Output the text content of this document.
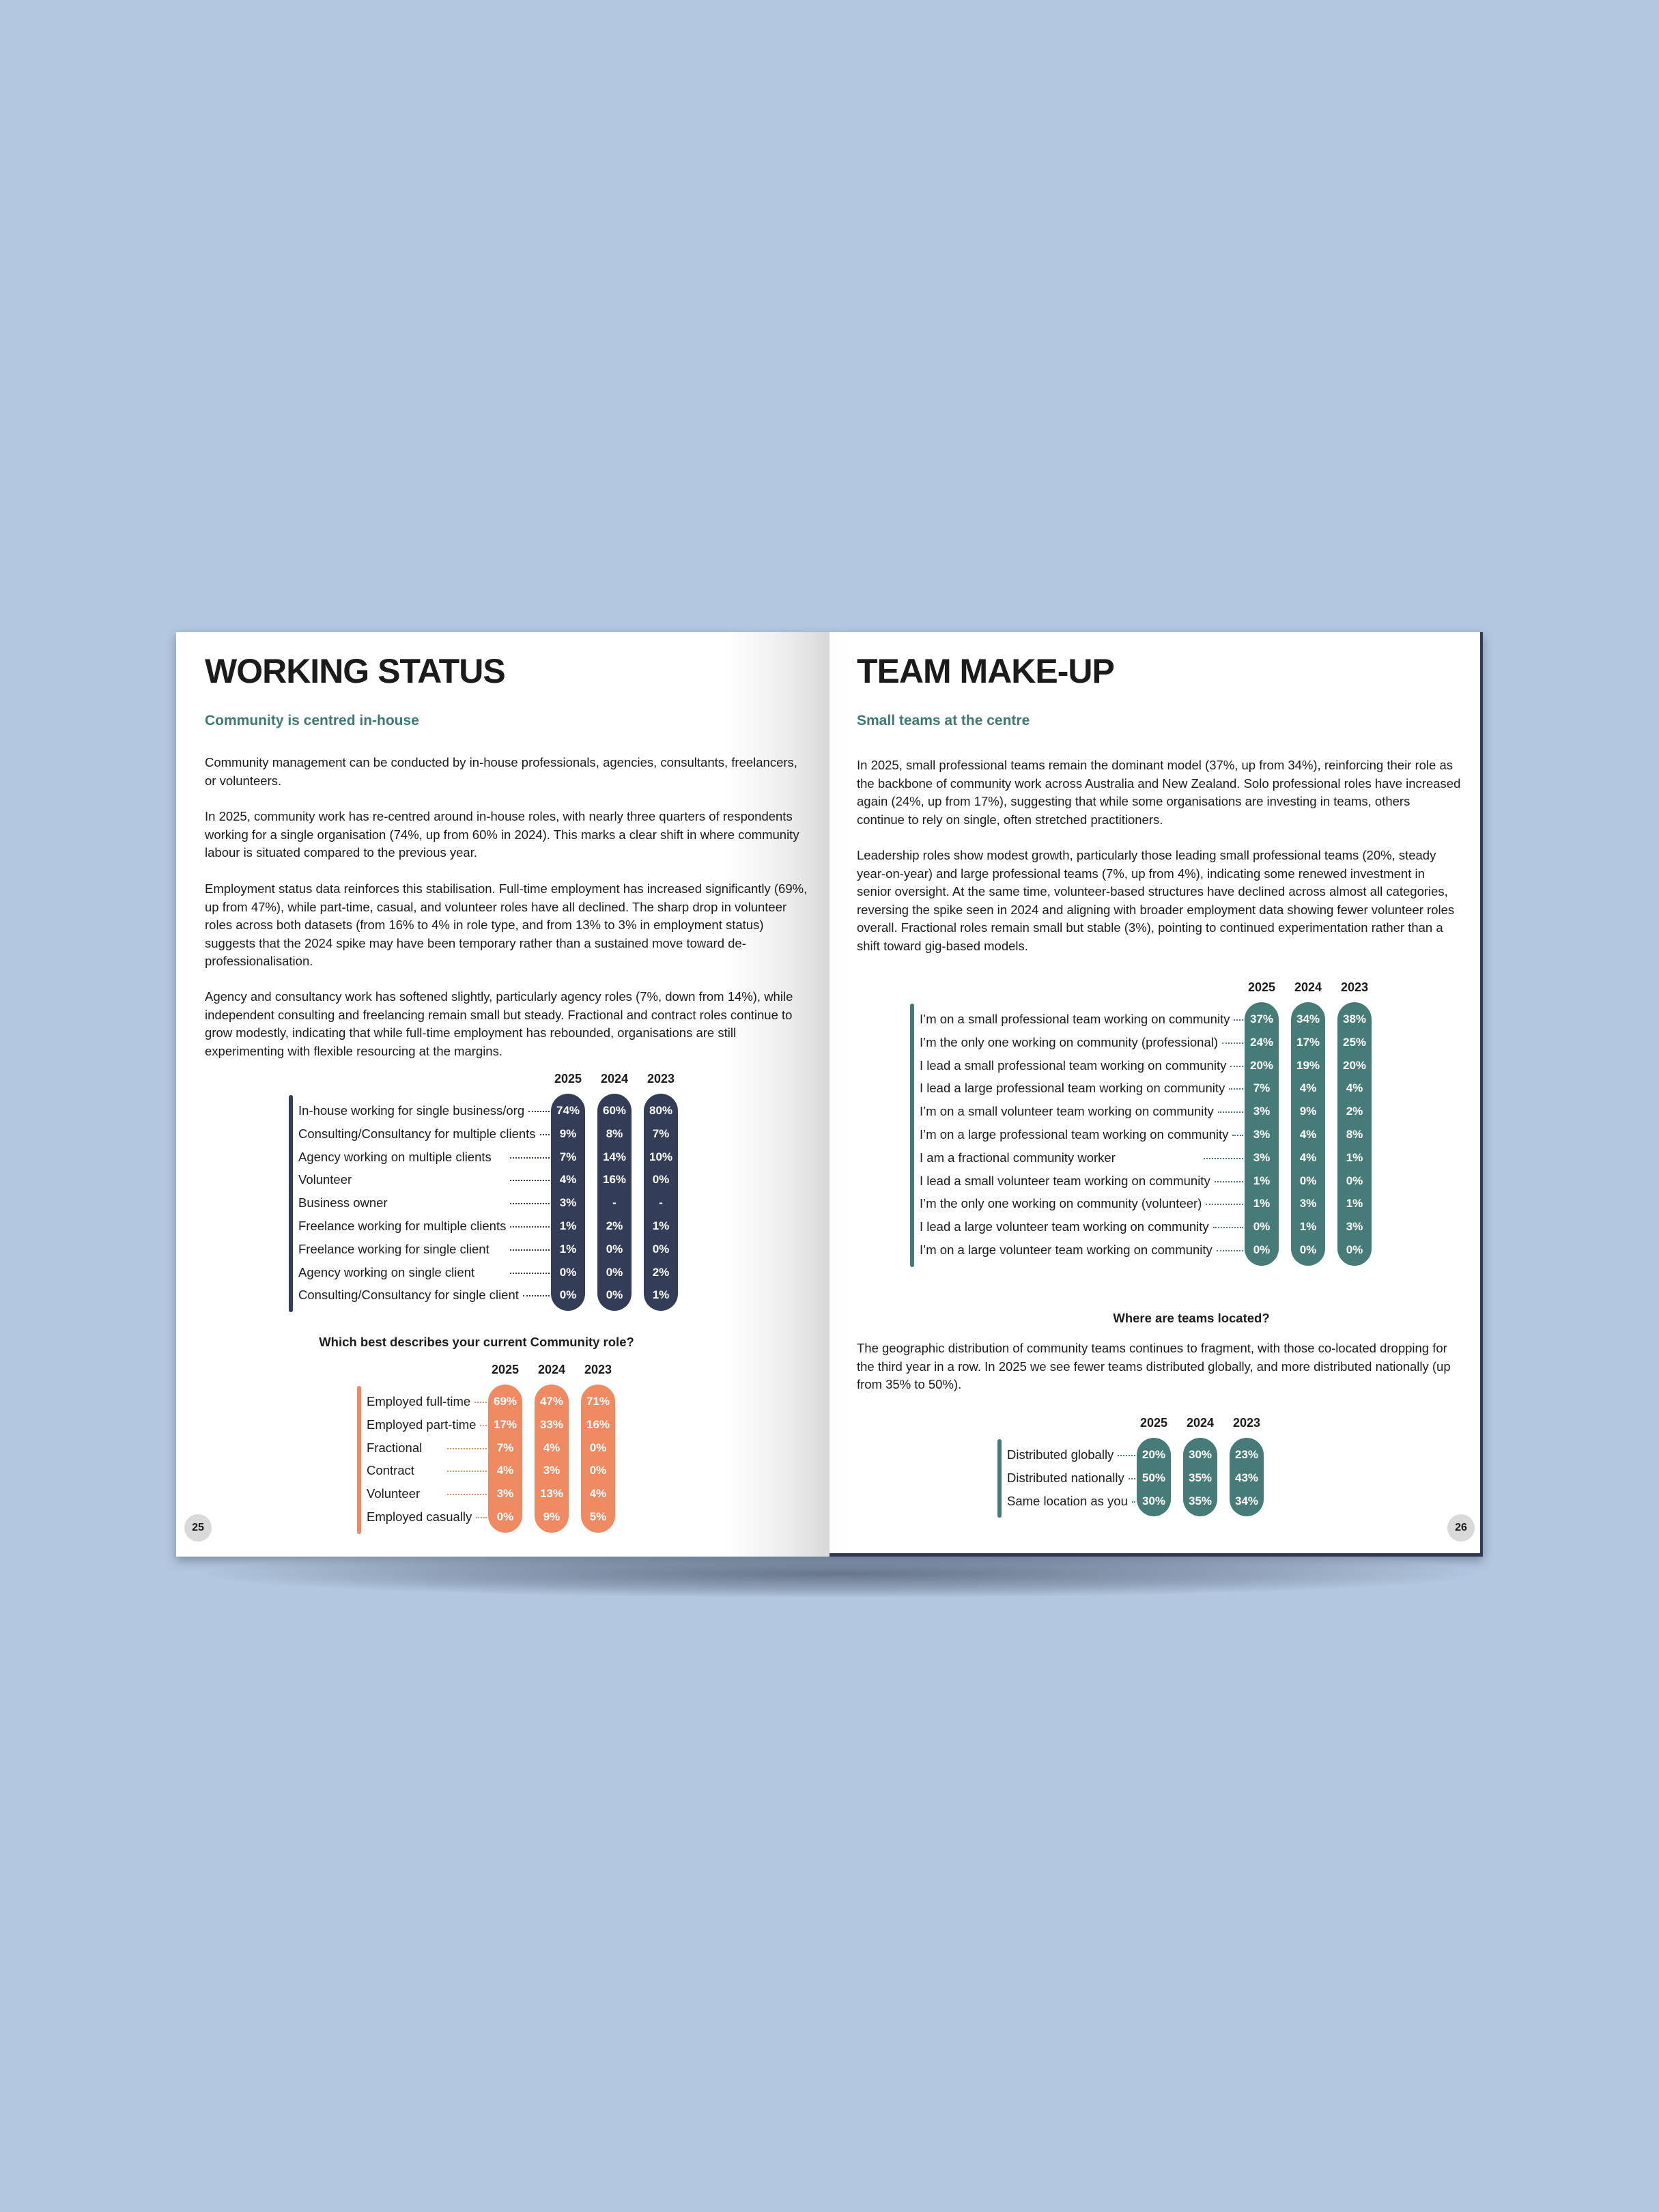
WORKING STATUS
Community is centred in-house
Community management can be conducted by in-house professionals, agencies, consultants, freelancers, or volunteers.
In 2025, community work has re-centred around in-house roles, with nearly three quarters of respondents working for a single organisation (74%, up from 60% in 2024). This marks a clear shift in where community labour is situated compared to the previous year.
Employment status data reinforces this stabilisation. Full-time employment has increased significantly (69%, up from 47%), while part-time, casual, and volunteer roles have all declined. The sharp drop in volunteer roles across both datasets (from 16% to 4% in role type, and from 13% to 3% in employment status) suggests that the 2024 spike may have been temporary rather than a sustained move toward de-professionalisation.
Agency and consultancy work has softened slightly, particularly agency roles (7%, down from 14%), while independent consulting and freelancing remain small but steady. Fractional and contract roles continue to grow modestly, indicating that while full-time employment has rebounded, organisations are still experimenting with flexible resourcing at the margins.
2025 2024 2023
In-house working for single business/org	74%	60%	80%
Consulting/Consultancy for multiple clients	9%	8%	7%
Agency working on multiple clients	7%	14%	10%
Volunteer	4%	16%	0%
Business owner	3%	-	-
Freelance working for multiple clients	1%	2%	1%
Freelance working for single client	1%	0%	0%
Agency working on single client	0%	0%	2%
Consulting/Consultancy for single client	0%	0%	1%
Which best describes your current Community role?
2025 2024 2023
Employed full-time	69%	47%	71%
Employed part-time	17%	33%	16%
Fractional	7%	4%	0%
Contract	4%	3%	0%
Volunteer	3%	13%	4%
Employed casually	0%	9%	5%
25
TEAM MAKE-UP
Small teams at the centre
In 2025, small professional teams remain the dominant model (37%, up from 34%), reinforcing their role as the backbone of community work across Australia and New Zealand. Solo professional roles have increased again (24%, up from 17%), suggesting that while some organisations are investing in teams, others continue to rely on single, often stretched practitioners.
Leadership roles show modest growth, particularly those leading small professional teams (20%, steady year-on-year) and large professional teams (7%, up from 4%), indicating some renewed investment in senior oversight. At the same time, volunteer-based structures have declined across almost all categories, reversing the spike seen in 2024 and aligning with broader employment data showing fewer volunteer roles overall. Fractional roles remain small but stable (3%), pointing to continued experimentation rather than a shift toward gig-based models.
2025 2024 2023
I’m on a small professional team working on community	37%	34%	38%
I’m the only one working on community (professional)	24%	17%	25%
I lead a small professional team working on community	20%	19%	20%
I lead a large professional team working on community	7%	4%	4%
I’m on a small volunteer team working on community	3%	9%	2%
I’m on a large professional team working on community	3%	4%	8%
I am a fractional community worker	3%	4%	1%
I lead a small volunteer team working on community	1%	0%	0%
I’m the only one working on community (volunteer)	1%	3%	1%
I lead a large volunteer team working on community	0%	1%	3%
I’m on a large volunteer team working on community	0%	0%	0%
Where are teams located?
The geographic distribution of community teams continues to fragment, with those co-located dropping for the third year in a row. In 2025 we see fewer teams distributed globally, and more distributed nationally (up from 35% to 50%).
2025 2024 2023
Distributed globally	20%	30%	23%
Distributed nationally	50%	35%	43%
Same location as you	30%	35%	34%
26
